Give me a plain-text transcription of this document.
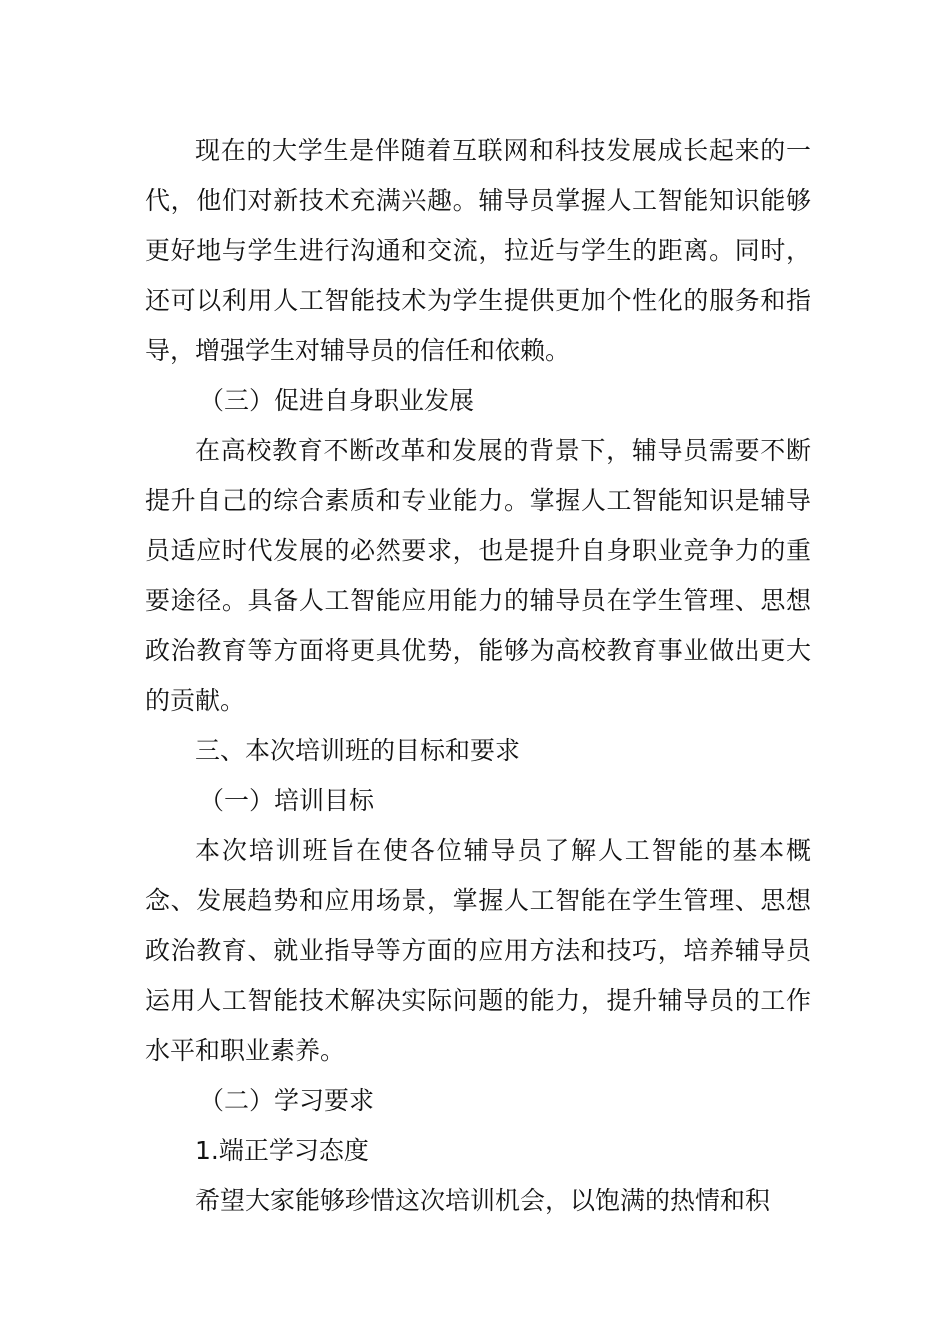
现在的大学生是伴随着互联网和科技发展成长起来的一代，他们对新技术充满兴趣。辅导员掌握人工智能知识能够更好地与学生进行沟通和交流，拉近与学生的距离。同时，还可以利用人工智能技术为学生提供更加个性化的服务和指导，增强学生对辅导员的信任和依赖。

（三）促进自身职业发展

在高校教育不断改革和发展的背景下，辅导员需要不断提升自己的综合素质和专业能力。掌握人工智能知识是辅导员适应时代发展的必然要求，也是提升自身职业竞争力的重要途径。具备人工智能应用能力的辅导员在学生管理、思想政治教育等方面将更具优势，能够为高校教育事业做出更大的贡献。

三、本次培训班的目标和要求

（一）培训目标

本次培训班旨在使各位辅导员了解人工智能的基本概念、发展趋势和应用场景，掌握人工智能在学生管理、思想政治教育、就业指导等方面的应用方法和技巧，培养辅导员运用人工智能技术解决实际问题的能力，提升辅导员的工作水平和职业素养。

（二）学习要求

1.端正学习态度

希望大家能够珍惜这次培训机会，以饱满的热情和积
